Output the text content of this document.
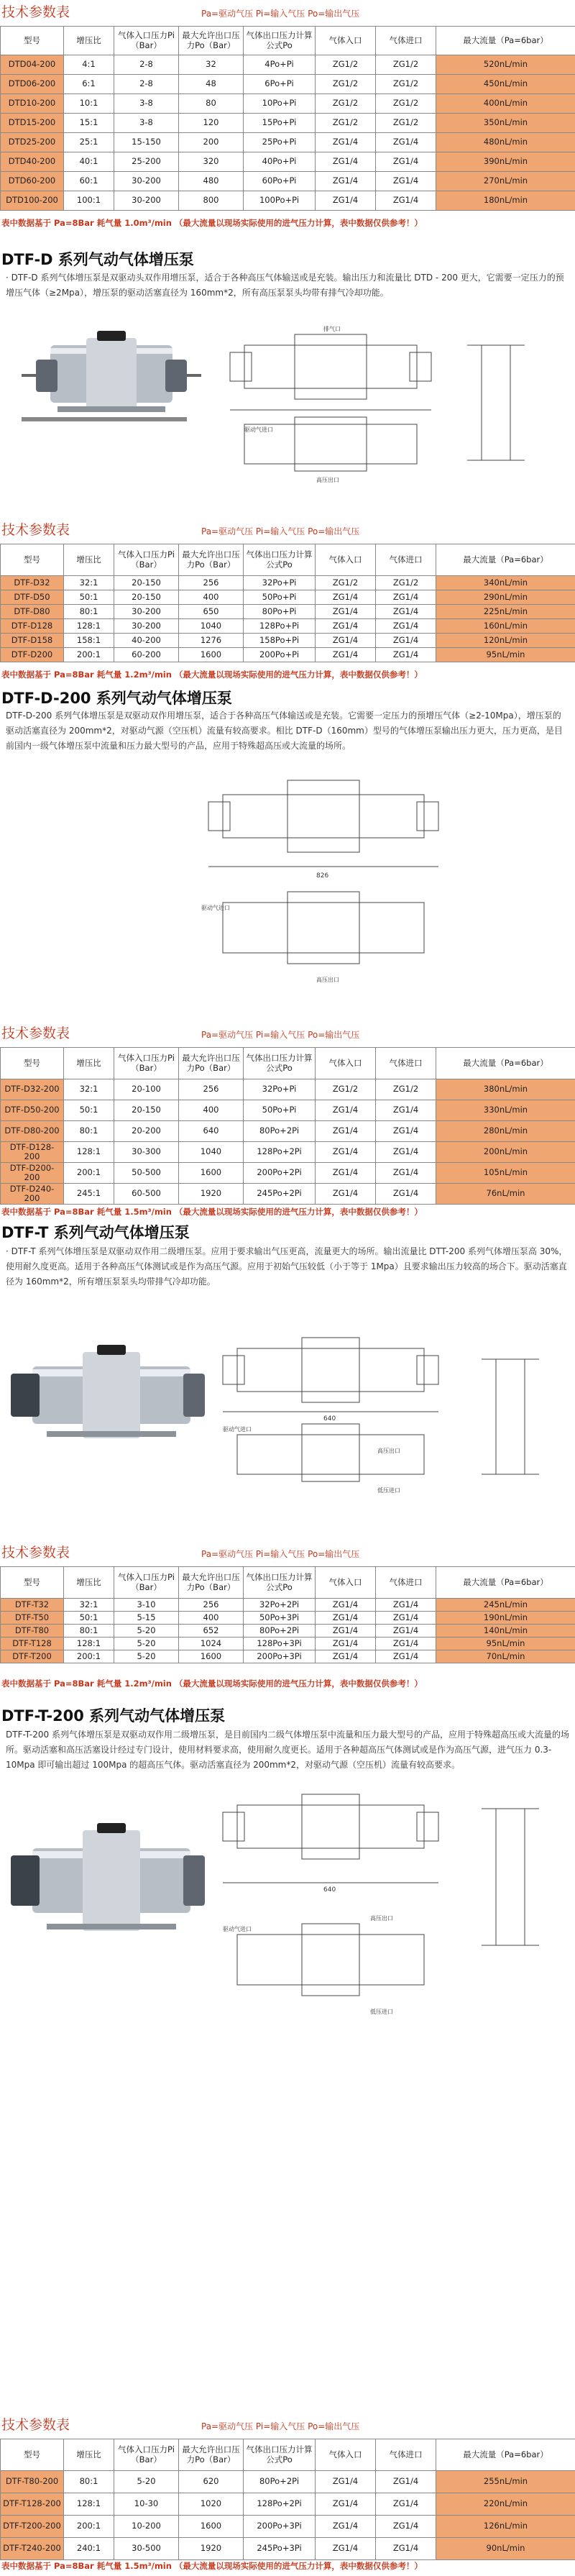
技术参数表	Pa=驱动气压 Pi=输入气压 Po=输出气压
型号	增压比	气体入口压力Pi（Bar）	最大允许出口压力Po（Bar）	气体出口压力计算公式Po	气体入口	气体进口	最大流量（Pa=6bar）
DTD04-200	4:1	2-8	32	4Po+Pi	ZG1/2	ZG1/2	520nL/min
DTD06-200	6:1	2-8	48	6Po+Pi	ZG1/2	ZG1/2	450nL/min
DTD10-200	10:1	3-8	80	10Po+Pi	ZG1/2	ZG1/2	400nL/min
DTD15-200	15:1	3-8	120	15Po+Pi	ZG1/2	ZG1/2	350nL/min
DTD25-200	25:1	15-150	200	25Po+Pi	ZG1/4	ZG1/4	480nL/min
DTD40-200	40:1	25-200	320	40Po+Pi	ZG1/4	ZG1/4	390nL/min
DTD60-200	60:1	30-200	480	60Po+Pi	ZG1/4	ZG1/4	270nL/min
DTD100-200	100:1	30-200	800	100Po+Pi	ZG1/4	ZG1/4	180nL/min
表中数据基于 Pa=8Bar 耗气量 1.0m³/min （最大流量以现场实际使用的进气压力计算，表中数据仅供参考！）
DTF-D 系列气动气体增压泵
· DTF-D 系列气体增压泵是双驱动头双作用增压泵，适合于各种高压气体输送或是充装。输出压力和流量比 DTD - 200 更大，它需要一定压力的预增压气体（≥2Mpa），增压泵的驱动活塞直径为 160mm*2，所有高压泵泵头均带有排气冷却功能。
排气口
驱动气进口
高压出口
技术参数表	Pa=驱动气压 Pi=输入气压 Po=输出气压
型号	增压比	气体入口压力Pi（Bar）	最大允许出口压力Po（Bar）	气体出口压力计算公式Po	气体入口	气体进口	最大流量（Pa=6bar）
DTF-D32	32:1	20-150	256	32Po+Pi	ZG1/2	ZG1/2	340nL/min
DTF-D50	50:1	20-150	400	50Po+Pi	ZG1/4	ZG1/4	290nL/min
DTF-D80	80:1	30-200	650	80Po+Pi	ZG1/4	ZG1/4	225nL/min
DTF-D128	128:1	30-200	1040	128Po+Pi	ZG1/4	ZG1/4	160nL/min
DTF-D158	158:1	40-200	1276	158Po+Pi	ZG1/4	ZG1/4	120nL/min
DTF-D200	200:1	60-200	1600	200Po+Pi	ZG1/4	ZG1/4	95nL/min
表中数据基于 Pa=8Bar 耗气量 1.2m³/min （最大流量以现场实际使用的进气压力计算，表中数据仅供参考！）
DTF-D-200 系列气动气体增压泵
DTF-D-200 系列气体增压泵是双驱动双作用增压泵，适合于各种高压气体输送或是充装。它需要一定压力的预增压气体（≥2-10Mpa），增压泵的驱动活塞直径为 200mm*2，对驱动气源（空压机）流量有较高要求。相比 DTF-D（160mm）型号的气体增压泵输出压力更大，压力更高，是目前国内一级气体增压泵中流量和压力最大型号的产品，应用于特殊超高压或大流量的场所。
826
驱动气进口
高压出口
技术参数表	Pa=驱动气压 Pi=输入气压 Po=输出气压
型号	增压比	气体入口压力Pi（Bar）	最大允许出口压力Po（Bar）	气体出口压力计算公式Po	气体入口	气体进口	最大流量（Pa=6bar）
DTF-D32-200	32:1	20-100	256	32Po+Pi	ZG1/2	ZG1/2	380nL/min
DTF-D50-200	50:1	20-150	400	50Po+Pi	ZG1/4	ZG1/4	330nL/min
DTF-D80-200	80:1	20-200	640	80Po+2Pi	ZG1/4	ZG1/4	280nL/min
DTF-D128-200	128:1	30-300	1040	128Po+2Pi	ZG1/4	ZG1/4	200nL/min
DTF-D200-200	200:1	50-500	1600	200Po+2Pi	ZG1/4	ZG1/4	105nL/min
DTF-D240-200	245:1	60-500	1920	245Po+2Pi	ZG1/4	ZG1/4	76nL/min
表中数据基于 Pa=8Bar 耗气量 1.5m³/min （最大流量以现场实际使用的进气压力计算，表中数据仅供参考！）
DTF-T 系列气动气体增压泵
· DTF-T 系列气体增压泵是双驱动双作用二级增压泵。应用于要求输出气压更高，流量更大的场所。输出流量比 DTT-200 系列气体增压泵高 30%，使用耐久度更高。适用于各种高压气体测试或是作为高压气源。应用于初始气压较低（小于等于 1Mpa）且要求输出压力较高的场合下。驱动活塞直径为 160mm*2，所有增压泵泵头均带排气冷却功能。
640
驱动气进口
高压出口
低压进口
技术参数表	Pa=驱动气压 Pi=输入气压 Po=输出气压
型号	增压比	气体入口压力Pi（Bar）	最大允许出口压力Po（Bar）	气体出口压力计算公式Po	气体入口	气体进口	最大流量（Pa=6bar）
DTF-T32	32:1	3-10	256	32Po+2Pi	ZG1/4	ZG1/4	245nL/min
DTF-T50	50:1	5-15	400	50Po+3Pi	ZG1/4	ZG1/4	190nL/min
DTF-T80	80:1	5-20	652	80Po+2Pi	ZG1/4	ZG1/4	140nL/min
DTF-T128	128:1	5-20	1024	128Po+3Pi	ZG1/4	ZG1/4	95nL/min
DTF-T200	200:1	5-20	1600	200Po+3Pi	ZG1/4	ZG1/4	70nL/min
表中数据基于 Pa=8Bar 耗气量 1.2m³/min （最大流量以现场实际使用的进气压力计算，表中数据仅供参考！）
DTF-T-200 系列气动气体增压泵
DTF-T-200 系列气体增压泵是双驱动双作用二级增压泵，是目前国内二级气体增压泵中流量和压力最大型号的产品，应用于特殊超高压或大流量的场所。驱动活塞和高压活塞设计经过专门设计，使用材料要求高，使用耐久度更长。适用于各种超高压气体测试或是作为高压气源，进气压力 0.3-10Mpa 即可输出超过 100Mpa 的超高压气体。驱动活塞直径为 200mm*2，对驱动气源（空压机）流量有较高要求。
640
驱动气进口
高压出口
低压进口
技术参数表	Pa=驱动气压 Pi=输入气压 Po=输出气压
型号	增压比	气体入口压力Pi（Bar）	最大允许出口压力Po（Bar）	气体出口压力计算公式Po	气体入口	气体进口	最大流量（Pa=6bar）
DTF-T80-200	80:1	5-20	620	80Po+2Pi	ZG1/4	ZG1/4	255nL/min
DTF-T128-200	128:1	10-30	1020	128Po+2Pi	ZG1/4	ZG1/4	220nL/min
DTF-T200-200	200:1	10-200	1600	200Po+3Pi	ZG1/4	ZG1/4	126nL/min
DTF-T240-200	240:1	30-500	1920	245Po+3Pi	ZG1/4	ZG1/4	90nL/min
表中数据基于 Pa=8Bar 耗气量 1.5m³/min （最大流量以现场实际使用的进气压力计算，表中数据仅供参考！）
